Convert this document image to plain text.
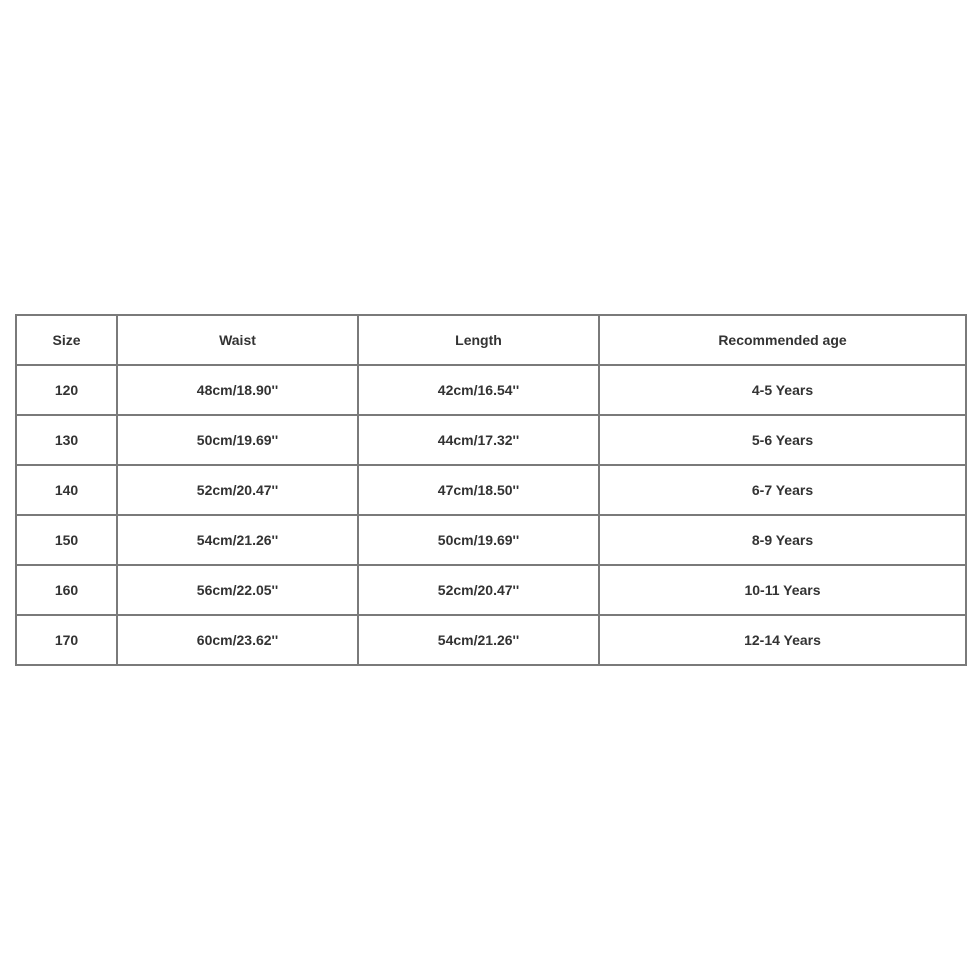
Size	Waist	Length	Recommended age
120	48cm/18.90''	42cm/16.54''	4-5 Years
130	50cm/19.69''	44cm/17.32''	5-6 Years
140	52cm/20.47''	47cm/18.50''	6-7 Years
150	54cm/21.26''	50cm/19.69''	8-9 Years
160	56cm/22.05''	52cm/20.47''	10-11 Years
170	60cm/23.62''	54cm/21.26''	12-14 Years
